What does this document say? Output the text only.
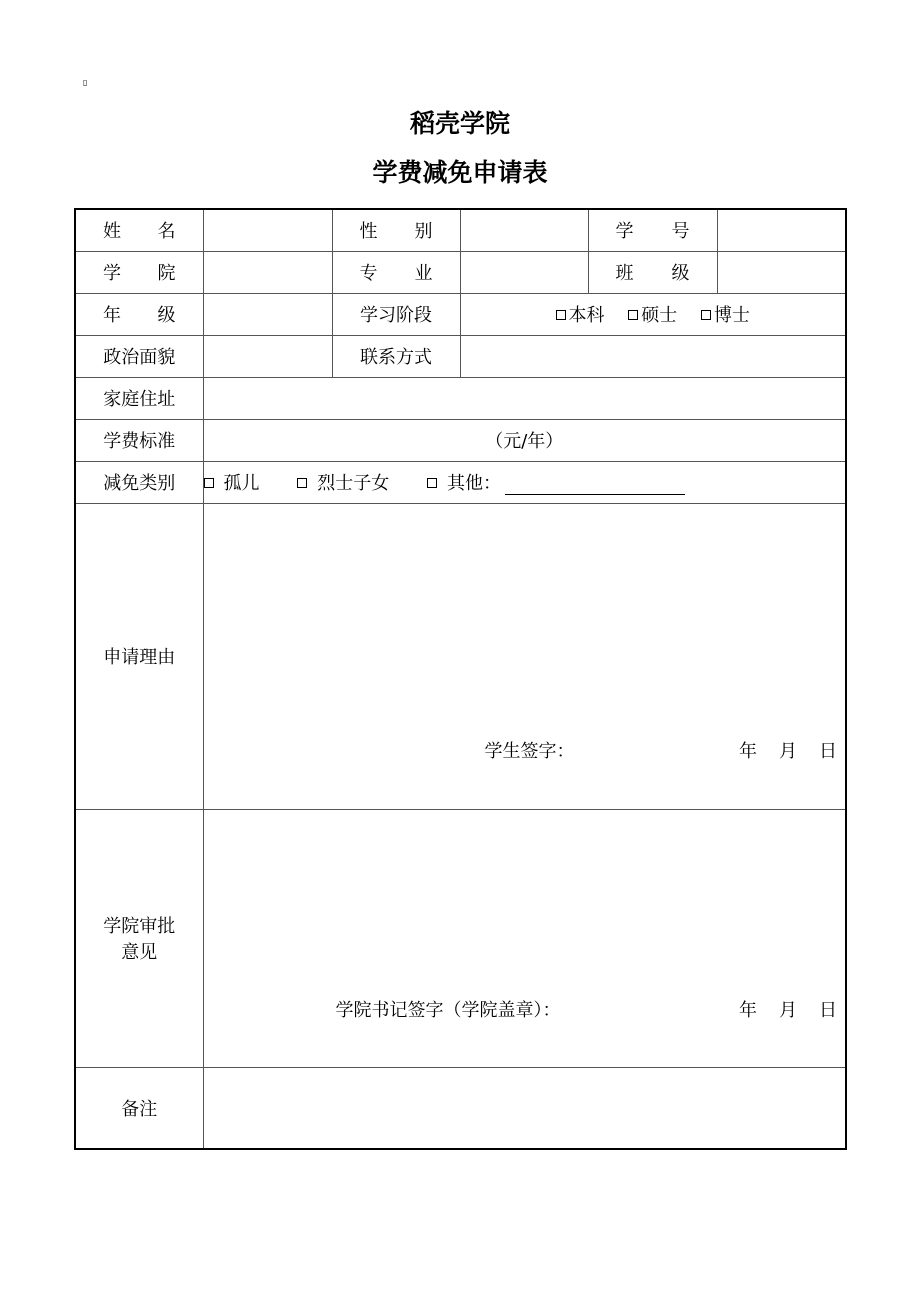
▯
稻壳学院
学费减免申请表
姓 名		性 别		学 号	

学 院		专 业		班 级	

年 级		学习阶段	本科 硕士 博士		
政治面貌		联系方式			
家庭住址					
学费标准	（元/年）				
减免类别	孤儿 烈士子女 其他：				
申请理由	学生签字： 年 月 日				

学院审批
意见	学院书记签字（学院盖章）： 年 月 日				

备注					
